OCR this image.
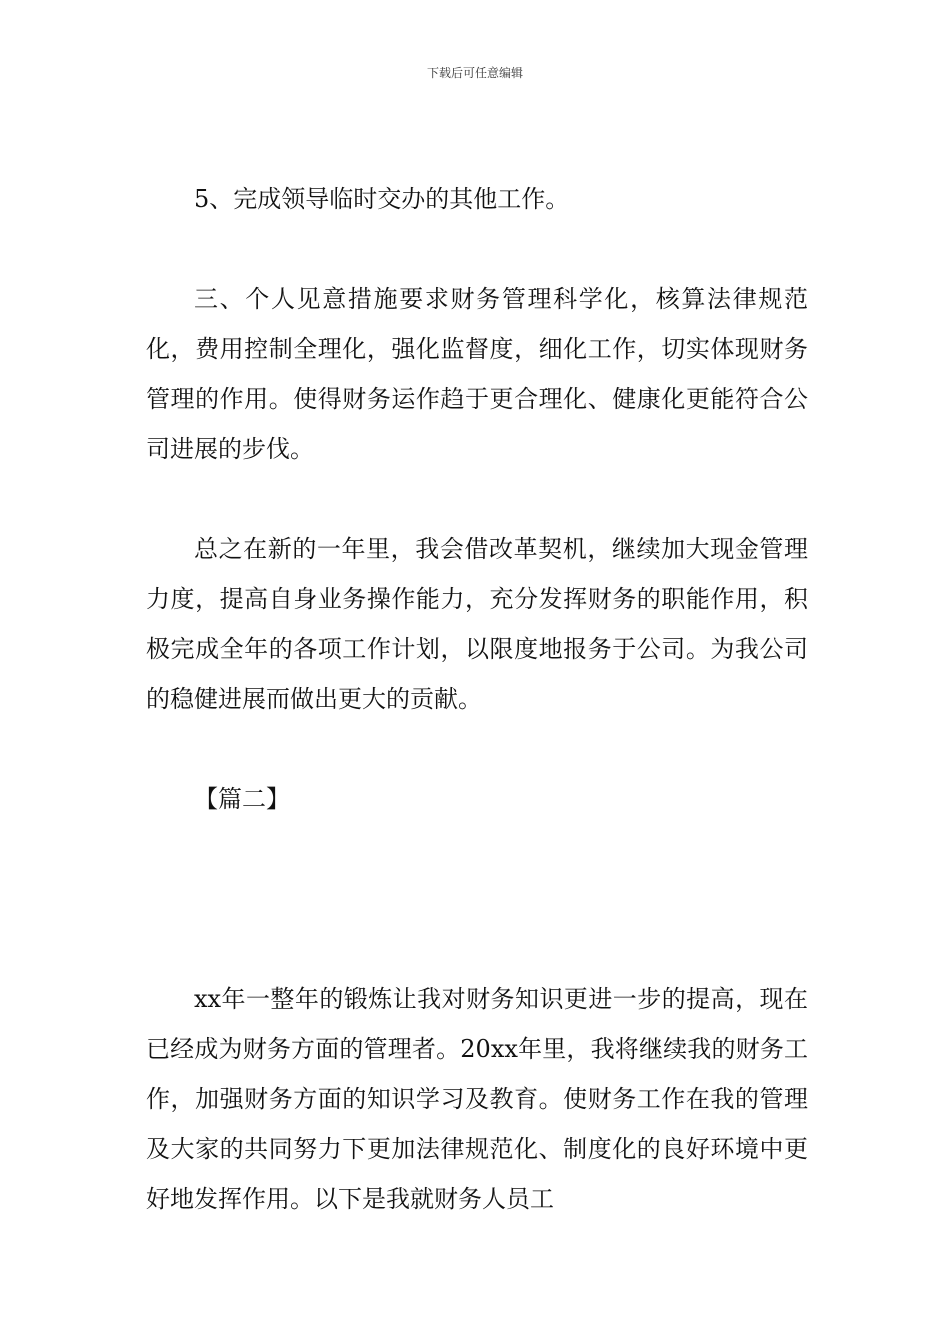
下载后可任意编辑

5、完成领导临时交办的其他工作。

三、个人见意措施要求财务管理科学化，核算法律规范化，费用控制全理化，强化监督度，细化工作，切实体现财务管理的作用。使得财务运作趋于更合理化、健康化更能符合公司进展的步伐。

总之在新的一年里，我会借改革契机，继续加大现金管理力度，提高自身业务操作能力，充分发挥财务的职能作用，积极完成全年的各项工作计划，以限度地报务于公司。为我公司的稳健进展而做出更大的贡献。

【篇二】

xx年一整年的锻炼让我对财务知识更进一步的提高，现在已经成为财务方面的管理者。20xx年里，我将继续我的财务工作，加强财务方面的知识学习及教育。使财务工作在我的管理及大家的共同努力下更加法律规范化、制度化的良好环境中更好地发挥作用。以下是我就财务人员工
